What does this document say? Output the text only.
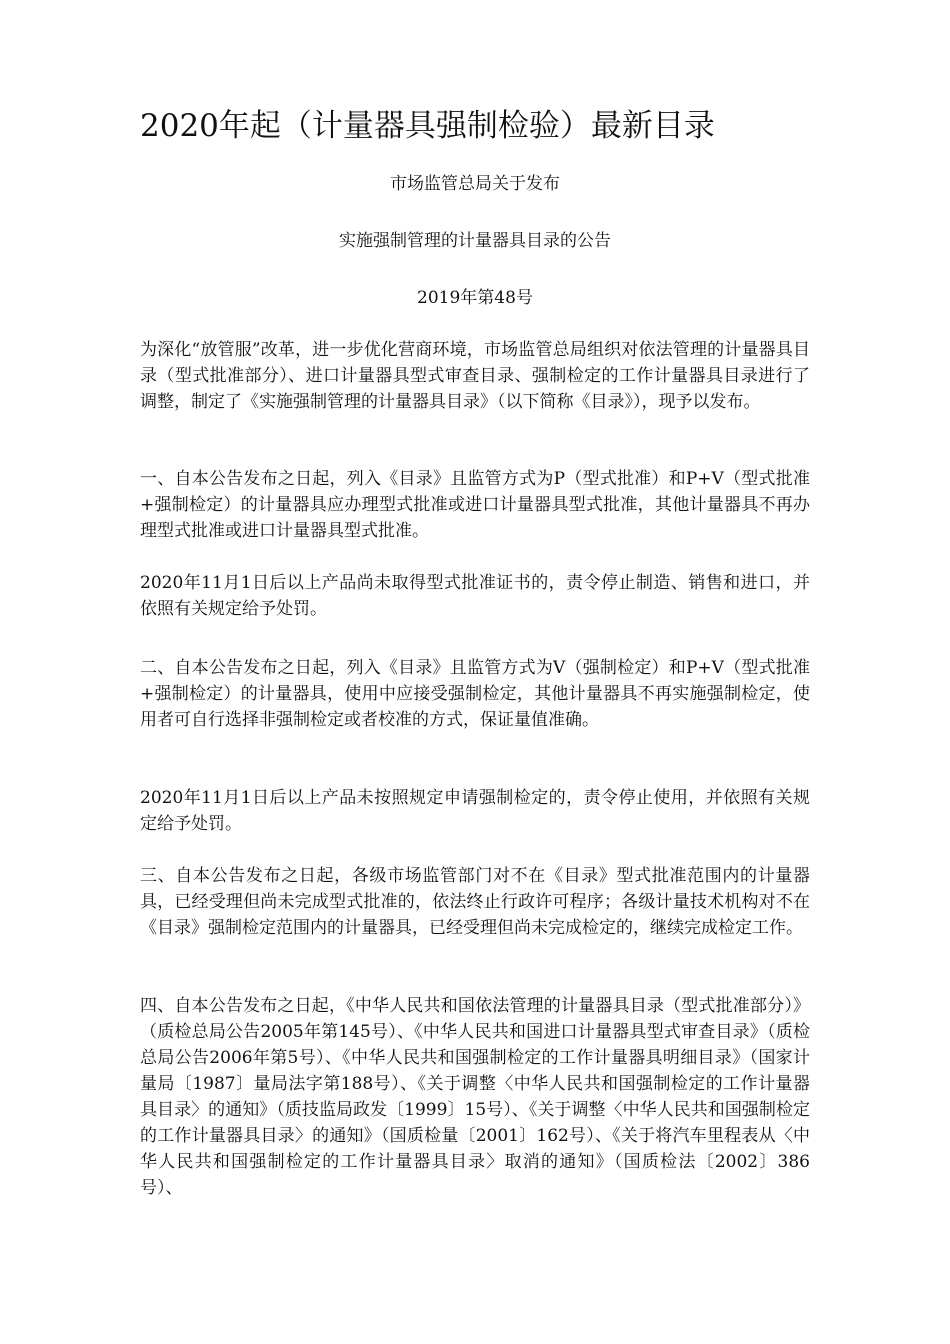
2020年起（计量器具强制检验）最新目录

市场监管总局关于发布

实施强制管理的计量器具目录的公告

2019年第48号

为深化“放管服”改革，进一步优化营商环境，市场监管总局组织对依法管理的计量器具目录（型式批准部分）、进口计量器具型式审查目录、强制检定的工作计量器具目录进行了调整，制定了《实施强制管理的计量器具目录》（以下简称《目录》），现予以发布。

一、自本公告发布之日起，列入《目录》且监管方式为P（型式批准）和P+V（型式批准+强制检定）的计量器具应办理型式批准或进口计量器具型式批准，其他计量器具不再办理型式批准或进口计量器具型式批准。

2020年11月1日后以上产品尚未取得型式批准证书的，责令停止制造、销售和进口，并依照有关规定给予处罚。

二、自本公告发布之日起，列入《目录》且监管方式为V（强制检定）和P+V（型式批准+强制检定）的计量器具，使用中应接受强制检定，其他计量器具不再实施强制检定，使用者可自行选择非强制检定或者校准的方式，保证量值准确。

2020年11月1日后以上产品未按照规定申请强制检定的，责令停止使用，并依照有关规定给予处罚。

三、自本公告发布之日起，各级市场监管部门对不在《目录》型式批准范围内的计量器具，已经受理但尚未完成型式批准的，依法终止行政许可程序；各级计量技术机构对不在《目录》强制检定范围内的计量器具，已经受理但尚未完成检定的，继续完成检定工作。

四、自本公告发布之日起，《中华人民共和国依法管理的计量器具目录（型式批准部分）》（质检总局公告2005年第145号）、《中华人民共和国进口计量器具型式审查目录》（质检总局公告2006年第5号）、《中华人民共和国强制检定的工作计量器具明细目录》（国家计量局〔1987〕量局法字第188号）、《关于调整〈中华人民共和国强制检定的工作计量器具目录〉的通知》（质技监局政发〔1999〕15号）、《关于调整〈中华人民共和国强制检定的工作计量器具目录〉的通知》（国质检量〔2001〕162号）、《关于将汽车里程表从〈中华人民共和国强制检定的工作计量器具目录〉取消的通知》（国质检法〔2002〕386号）、
